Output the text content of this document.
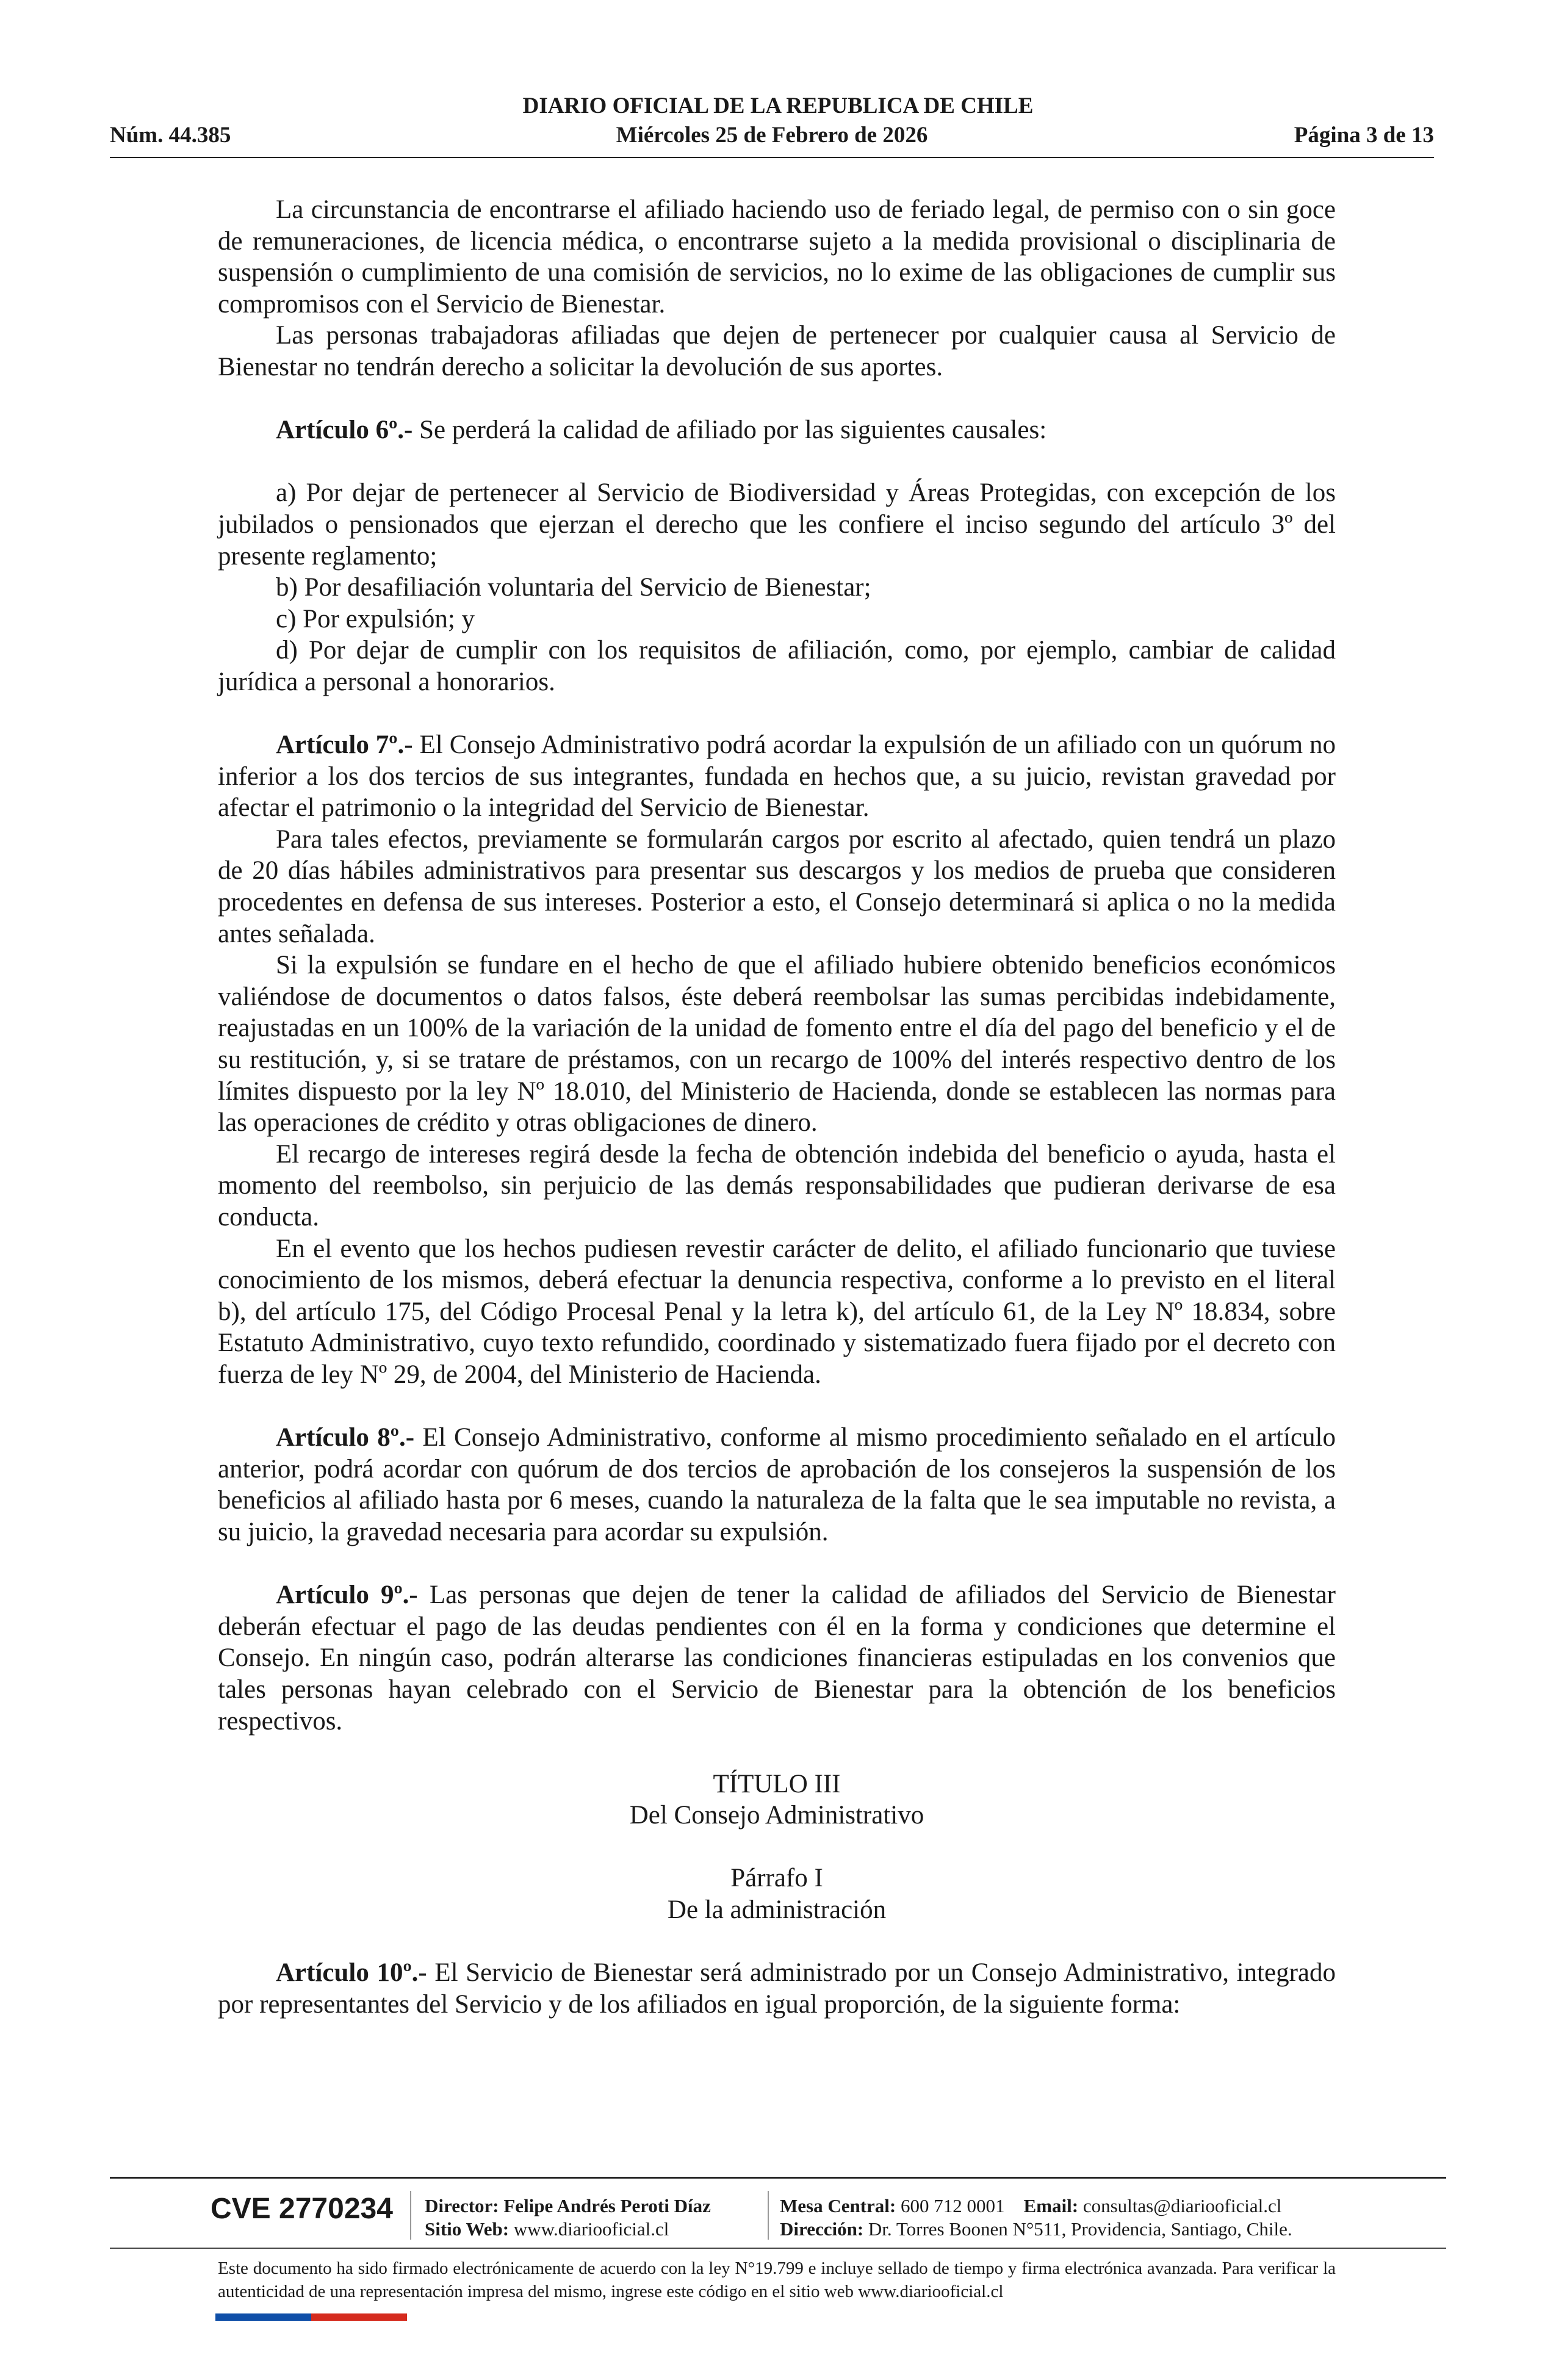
DIARIO OFICIAL DE LA REPUBLICA DE CHILE
Miércoles 25 de Febrero de 2026
Núm. 44.385	Página 3 de 13

La circunstancia de encontrarse el afiliado haciendo uso de feriado legal, de permiso con o sin goce de remuneraciones, de licencia médica, o encontrarse sujeto a la medida provisional o disciplinaria de suspensión o cumplimiento de una comisión de servicios, no lo exime de las obligaciones de cumplir sus compromisos con el Servicio de Bienestar.

Las personas trabajadoras afiliadas que dejen de pertenecer por cualquier causa al Servicio de Bienestar no tendrán derecho a solicitar la devolución de sus aportes.

Artículo 6º.- Se perderá la calidad de afiliado por las siguientes causales:

a) Por dejar de pertenecer al Servicio de Biodiversidad y Áreas Protegidas, con excepción de los jubilados o pensionados que ejerzan el derecho que les confiere el inciso segundo del artículo 3º del presente reglamento;

b) Por desafiliación voluntaria del Servicio de Bienestar;

c) Por expulsión; y

d) Por dejar de cumplir con los requisitos de afiliación, como, por ejemplo, cambiar de calidad jurídica a personal a honorarios.

Artículo 7º.- El Consejo Administrativo podrá acordar la expulsión de un afiliado con un quórum no inferior a los dos tercios de sus integrantes, fundada en hechos que, a su juicio, revistan gravedad por afectar el patrimonio o la integridad del Servicio de Bienestar.

Para tales efectos, previamente se formularán cargos por escrito al afectado, quien tendrá un plazo de 20 días hábiles administrativos para presentar sus descargos y los medios de prueba que consideren procedentes en defensa de sus intereses. Posterior a esto, el Consejo determinará si aplica o no la medida antes señalada.

Si la expulsión se fundare en el hecho de que el afiliado hubiere obtenido beneficios económicos valiéndose de documentos o datos falsos, éste deberá reembolsar las sumas percibidas indebidamente, reajustadas en un 100% de la variación de la unidad de fomento entre el día del pago del beneficio y el de su restitución, y, si se tratare de préstamos, con un recargo de 100% del interés respectivo dentro de los límites dispuesto por la ley Nº 18.010, del Ministerio de Hacienda, donde se establecen las normas para las operaciones de crédito y otras obligaciones de dinero.

El recargo de intereses regirá desde la fecha de obtención indebida del beneficio o ayuda, hasta el momento del reembolso, sin perjuicio de las demás responsabilidades que pudieran derivarse de esa conducta.

En el evento que los hechos pudiesen revestir carácter de delito, el afiliado funcionario que tuviese conocimiento de los mismos, deberá efectuar la denuncia respectiva, conforme a lo previsto en el literal b), del artículo 175, del Código Procesal Penal y la letra k), del artículo 61, de la Ley Nº 18.834, sobre Estatuto Administrativo, cuyo texto refundido, coordinado y sistematizado fuera fijado por el decreto con fuerza de ley Nº 29, de 2004, del Ministerio de Hacienda.

Artículo 8º.- El Consejo Administrativo, conforme al mismo procedimiento señalado en el artículo anterior, podrá acordar con quórum de dos tercios de aprobación de los consejeros la suspensión de los beneficios al afiliado hasta por 6 meses, cuando la naturaleza de la falta que le sea imputable no revista, a su juicio, la gravedad necesaria para acordar su expulsión.

Artículo 9º.- Las personas que dejen de tener la calidad de afiliados del Servicio de Bienestar deberán efectuar el pago de las deudas pendientes con él en la forma y condiciones que determine el Consejo. En ningún caso, podrán alterarse las condiciones financieras estipuladas en los convenios que tales personas hayan celebrado con el Servicio de Bienestar para la obtención de los beneficios respectivos.

TÍTULO III

Del Consejo Administrativo

Párrafo I

De la administración

Artículo 10º.- El Servicio de Bienestar será administrado por un Consejo Administrativo, integrado por representantes del Servicio y de los afiliados en igual proporción, de la siguiente forma:

CVE 2770234 Director: Felipe Andrés Peroti Díaz
Sitio Web: www.diariooficial.cl
Mesa Central: 600 712 0001 Email: consultas@diariooficial.cl
Dirección: Dr. Torres Boonen N°511, Providencia, Santiago, Chile.
Este documento ha sido firmado electrónicamente de acuerdo con la ley N°19.799 e incluye sellado de tiempo y firma electrónica avanzada. Para verificar la autenticidad de una representación impresa del mismo, ingrese este código en el sitio web www.diariooficial.cl
